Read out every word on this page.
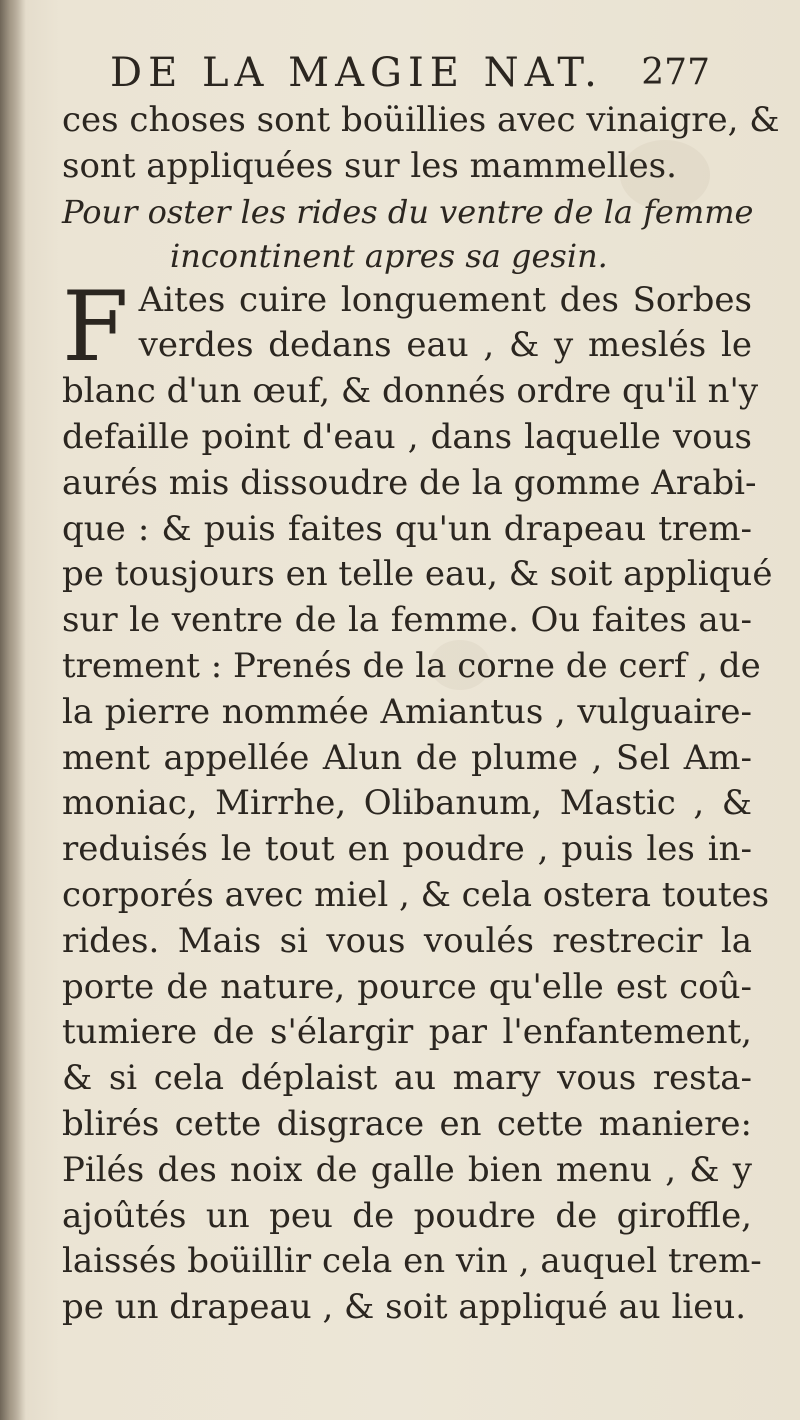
DE LA MAGIE NAT. 277

ces choses sont boüillies avec vinaigre, &
sont appliquées sur les mammelles.

Pour oster les rides du ventre de la femme
incontinent apres sa gesin.

F Aites cuire longuement des Sorbes
verdes dedans eau , & y meslés le
blanc d'un œuf, & donnés ordre qu'il n'y
defaille point d'eau , dans laquelle vous
aurés mis dissoudre de la gomme Arabi-
que : & puis faites qu'un drapeau trem-
pe tousjours en telle eau, & soit appliqué
sur le ventre de la femme. Ou faites au-
trement : Prenés de la corne de cerf , de
la pierre nommée Amiantus , vulguaire-
ment appellée Alun de plume , Sel Am-
moniac, Mirrhe, Olibanum, Mastic , &
reduisés le tout en poudre , puis les in-
corporés avec miel , & cela ostera toutes
rides. Mais si vous voulés restrecir la
porte de nature, pource qu'elle est coû-
tumiere de s'élargir par l'enfantement,
& si cela déplaist au mary vous resta-
blirés cette disgrace en cette maniere:
Pilés des noix de galle bien menu , & y
ajoûtés un peu de poudre de giroffle,
laissés boüillir cela en vin , auquel trem-
pe un drapeau , & soit appliqué au lieu.
